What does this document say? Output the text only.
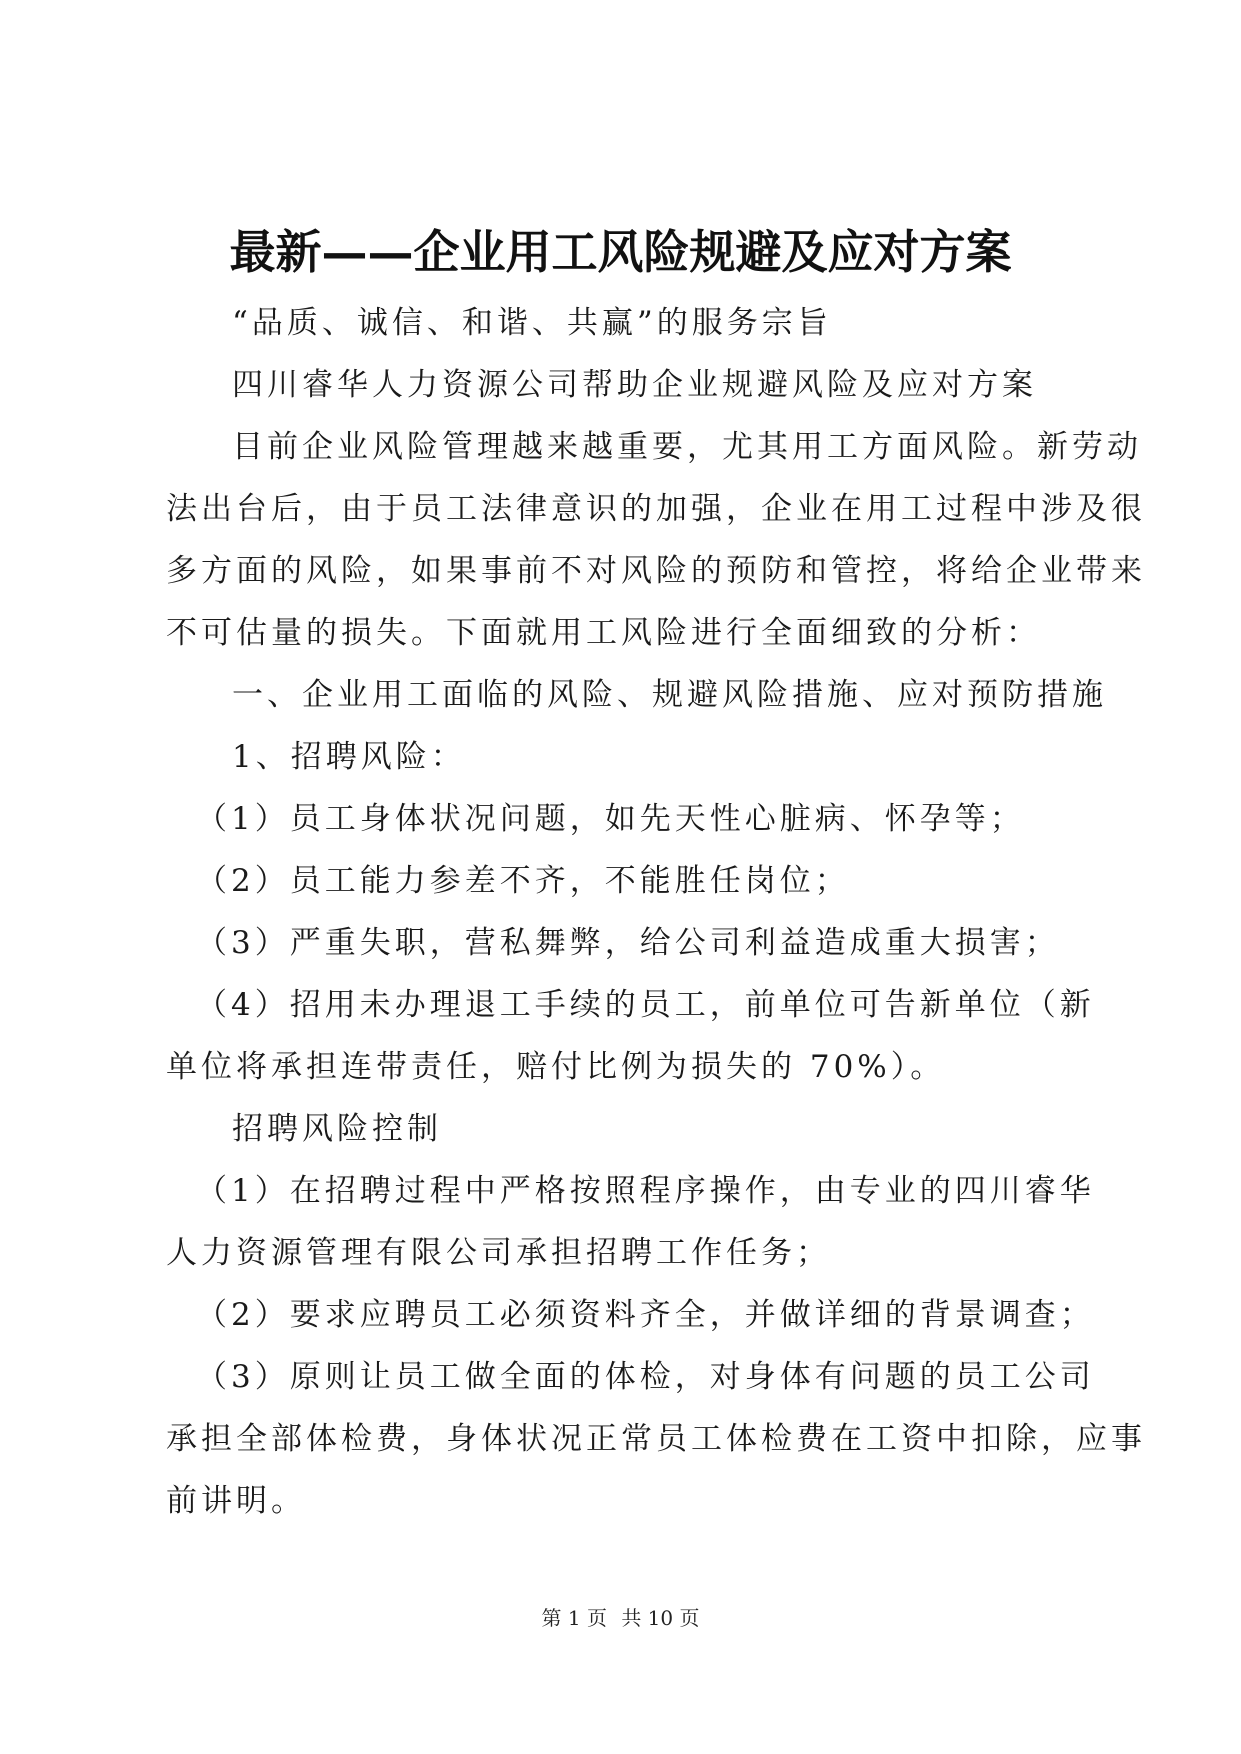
最新——企业用工风险规避及应对方案

“品质、诚信、和谐、共赢”的服务宗旨

四川睿华人力资源公司帮助企业规避风险及应对方案

目前企业风险管理越来越重要，尤其用工方面风险。新劳动

法出台后，由于员工法律意识的加强，企业在用工过程中涉及很

多方面的风险，如果事前不对风险的预防和管控，将给企业带来

不可估量的损失。下面就用工风险进行全面细致的分析：

一、企业用工面临的风险、规避风险措施、应对预防措施

1、招聘风险：

（1）员工身体状况问题，如先天性心脏病、怀孕等；

（2）员工能力参差不齐，不能胜任岗位；

（3）严重失职，营私舞弊，给公司利益造成重大损害；

（4）招用未办理退工手续的员工，前单位可告新单位（新

单位将承担连带责任，赔付比例为损失的 70%）。

招聘风险控制

（1）在招聘过程中严格按照程序操作，由专业的四川睿华

人力资源管理有限公司承担招聘工作任务；

（2）要求应聘员工必须资料齐全，并做详细的背景调查；

（3）原则让员工做全面的体检，对身体有问题的员工公司

承担全部体检费，身体状况正常员工体检费在工资中扣除，应事

前讲明。

第 1 页 共 10 页
